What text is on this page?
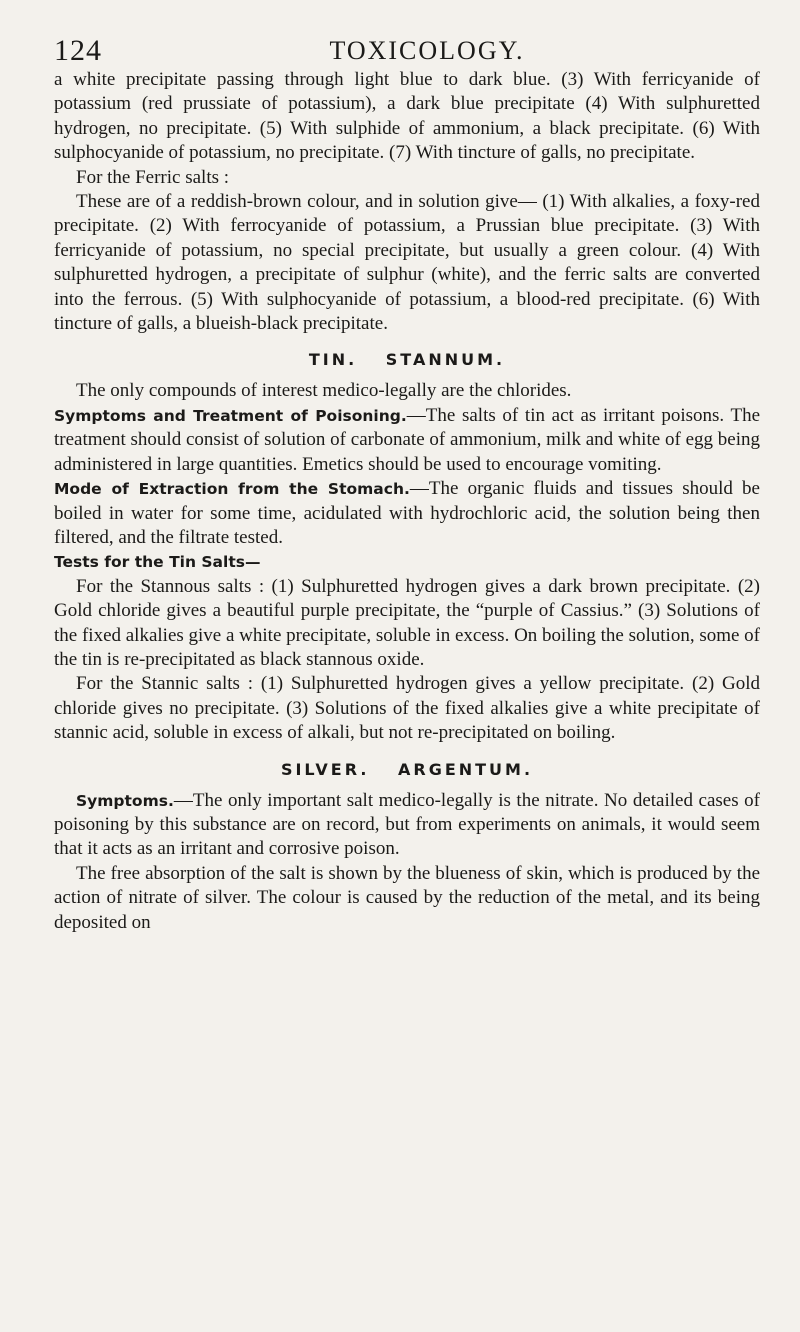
124	TOXICOLOGY.

a white precipitate passing through light blue to dark blue. (3) With ferricyanide of potassium (red prussiate of potassium), a dark blue precipitate (4) With sulphuretted hydrogen, no precipitate. (5) With sulphide of ammonium, a black precipitate. (6) With sulphocyanide of potassium, no precipitate. (7) With tincture of galls, no precipitate.

For the Ferric salts :

These are of a reddish-brown colour, and in solution give— (1) With alkalies, a foxy-red precipitate. (2) With ferrocyanide of potassium, a Prussian blue precipitate. (3) With ferricyanide of potassium, no special precipitate, but usually a green colour. (4) With sulphuretted hydrogen, a precipitate of sulphur (white), and the ferric salts are converted into the ferrous. (5) With sulphocyanide of potassium, a blood-red precipitate. (6) With tincture of galls, a blueish-black precipitate.

TIN. STANNUM.

The only compounds of interest medico-legally are the chlorides.

Symptoms and Treatment of Poisoning.—The salts of tin act as irritant poisons. The treatment should consist of solution of carbonate of ammonium, milk and white of egg being administered in large quantities. Emetics should be used to encourage vomiting.

Mode of Extraction from the Stomach.—The organic fluids and tissues should be boiled in water for some time, acidulated with hydrochloric acid, the solution being then filtered, and the filtrate tested.

Tests for the Tin Salts—

For the Stannous salts : (1) Sulphuretted hydrogen gives a dark brown precipitate. (2) Gold chloride gives a beautiful purple precipitate, the “purple of Cassius.” (3) Solutions of the fixed alkalies give a white precipitate, soluble in excess. On boiling the solution, some of the tin is re-precipitated as black stannous oxide.

For the Stannic salts : (1) Sulphuretted hydrogen gives a yellow precipitate. (2) Gold chloride gives no precipitate. (3) Solutions of the fixed alkalies give a white precipitate of stannic acid, soluble in excess of alkali, but not re-precipitated on boiling.

SILVER. ARGENTUM.

Symptoms.—The only important salt medico-legally is the nitrate. No detailed cases of poisoning by this substance are on record, but from experiments on animals, it would seem that it acts as an irritant and corrosive poison.

The free absorption of the salt is shown by the blueness of skin, which is produced by the action of nitrate of silver. The colour is caused by the reduction of the metal, and its being deposited on
